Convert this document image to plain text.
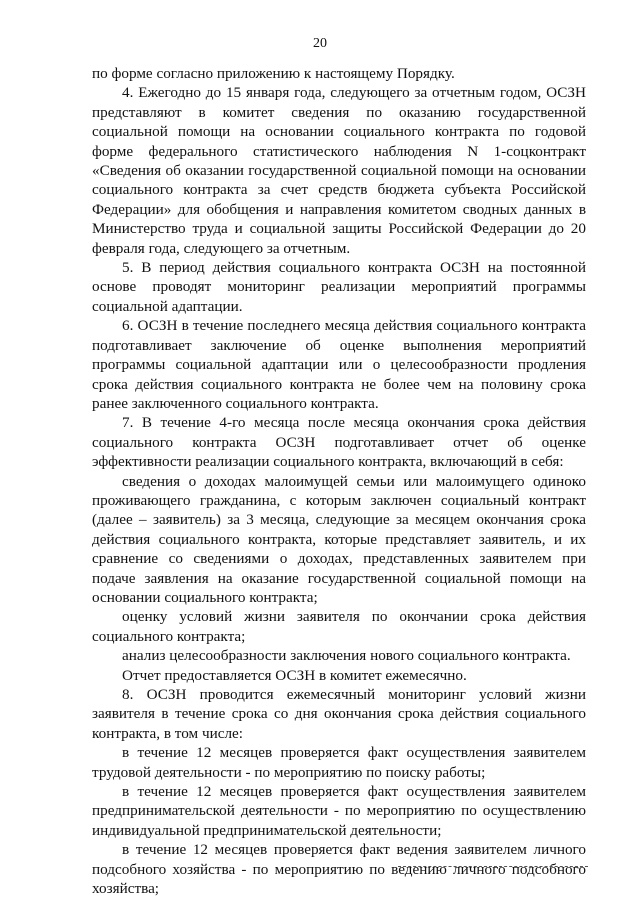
20

по форме согласно приложению к настоящему Порядку.

4. Ежегодно до 15 января года, следующего за отчетным годом, ОСЗН представляют в комитет сведения по оказанию государственной социальной помощи на основании социального контракта по годовой форме федерального статистического наблюдения N 1-соцконтракт «Сведения об оказании государственной социальной помощи на основании социального контракта за счет средств бюджета субъекта Российской Федерации» для обобщения и направления комитетом сводных данных в Министерство труда и социальной защиты Российской Федерации до 20 февраля года, следующего за отчетным.

5. В период действия социального контракта ОСЗН на постоянной основе проводят мониторинг реализации мероприятий программы социальной адаптации.

6. ОСЗН в течение последнего месяца действия социального контракта подготавливает заключение об оценке выполнения мероприятий программы социальной адаптации или о целесообразности продления срока действия социального контракта не более чем на половину срока ранее заключенного социального контракта.

7. В течение 4-го месяца после месяца окончания срока действия социального контракта ОСЗН подготавливает отчет об оценке эффективности реализации социального контракта, включающий в себя:

сведения о доходах малоимущей семьи или малоимущего одиноко проживающего гражданина, с которым заключен социальный контракт (далее – заявитель) за 3 месяца, следующие за месяцем окончания срока действия социального контракта, которые представляет заявитель, и их сравнение со сведениями о доходах, представленных заявителем при подаче заявления на оказание государственной социальной помощи на основании социального контракта;

оценку условий жизни заявителя по окончании срока действия социального контракта;

анализ целесообразности заключения нового социального контракта.

Отчет предоставляется ОСЗН в комитет ежемесячно.

8. ОСЗН проводится ежемесячный мониторинг условий жизни заявителя в течение срока со дня окончания срока действия социального контракта, в том числе:

в течение 12 месяцев проверяется факт осуществления заявителем трудовой деятельности - по мероприятию по поиску работы;

в течение 12 месяцев проверяется факт осуществления заявителем предпринимательской деятельности - по мероприятию по осуществлению индивидуальной предпринимательской деятельности;

в течение 12 месяцев проверяется факт ведения заявителем личного подсобного хозяйства - по мероприятию по ведению личного подсобного хозяйства;
